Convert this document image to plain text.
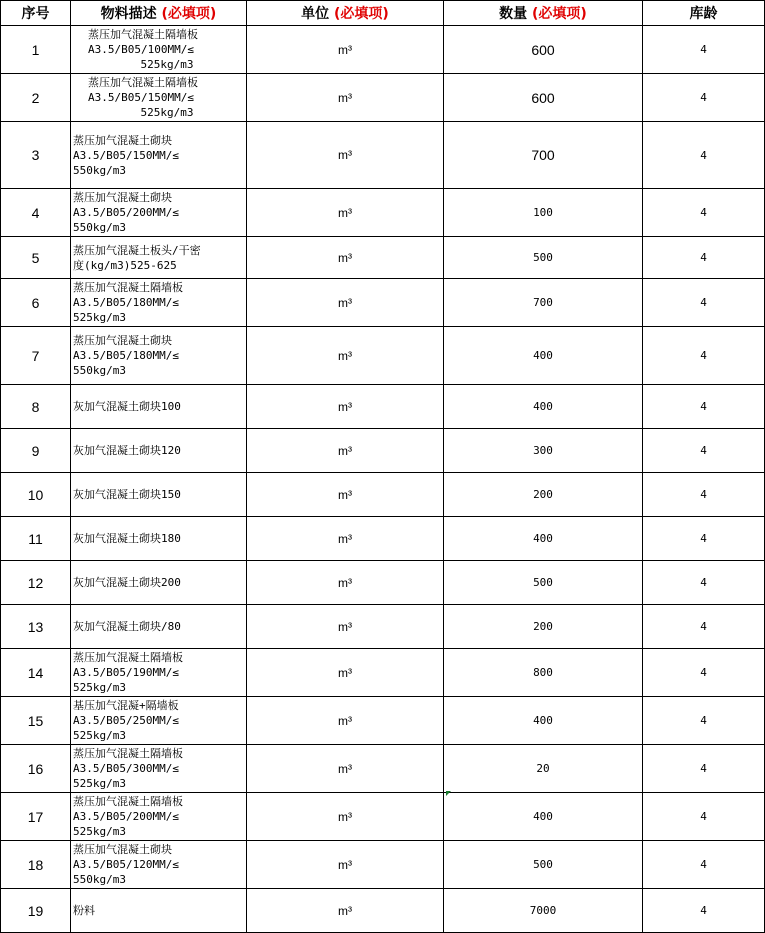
序号	物料描述 (必填项)	单位 (必填项)	数量 (必填项)	库龄
1	蒸压加气混凝土隔墙板
A3.5/B05/100MM/≤
525kg/m3	m³	600	4
2	蒸压加气混凝土隔墙板
A3.5/B05/150MM/≤
525kg/m3	m³	600	4
3	蒸压加气混凝土砌块
A3.5/B05/150MM/≤
550kg/m3	m³	700	4
4	蒸压加气混凝土砌块
A3.5/B05/200MM/≤
550kg/m3	m³	100	4
5	蒸压加气混凝土板头/干密
度(kg/m3)525-625	m³	500	4
6	蒸压加气混凝土隔墙板
A3.5/B05/180MM/≤
525kg/m3	m³	700	4
7	蒸压加气混凝土砌块
A3.5/B05/180MM/≤
550kg/m3	m³	400	4
8	灰加气混凝土砌块100	m³	400	4
9	灰加气混凝土砌块120	m³	300	4
10	灰加气混凝土砌块150	m³	200	4
11	灰加气混凝土砌块180	m³	400	4
12	灰加气混凝土砌块200	m³	500	4
13	灰加气混凝土砌块/80	m³	200	4
14	蒸压加气混凝土隔墙板
A3.5/B05/190MM/≤
525kg/m3	m³	800	4
15	基压加气混凝+隔墙板
A3.5/B05/250MM/≤
525kg/m3	m³	400	4
16	蒸压加气混凝土隔墙板
A3.5/B05/300MM/≤
525kg/m3	m³	20	4
17	蒸压加气混凝土隔墙板
A3.5/B05/200MM/≤
525kg/m3	m³	400	4
18	蒸压加气混凝土砌块
A3.5/B05/120MM/≤
550kg/m3	m³	500	4
19	粉料	m³	7000	4
